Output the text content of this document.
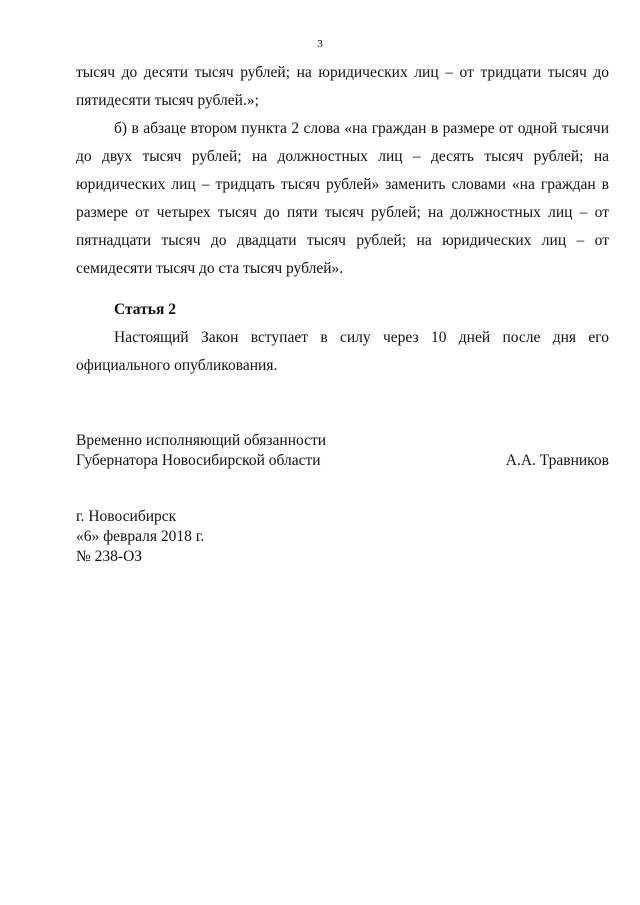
3
тысяч до десяти тысяч рублей; на юридических лиц – от тридцати тысяч до пятидесяти тысяч рублей.»;
б) в абзаце втором пункта 2 слова «на граждан в размере от одной тысячи до двух тысяч рублей; на должностных лиц – десять тысяч рублей; на юридических лиц – тридцать тысяч рублей» заменить словами «на граждан в размере от четырех тысяч до пяти тысяч рублей; на должностных лиц – от пятнадцати тысяч до двадцати тысяч рублей; на юридических лиц – от семидесяти тысяч до ста тысяч рублей».
Статья 2
Настоящий Закон вступает в силу через 10 дней после дня его официального опубликования.
Временно исполняющий обязанности
Губернатора Новосибирской области	А.А. Травников
г. Новосибирск
«6» февраля 2018 г.
№ 238-ОЗ
